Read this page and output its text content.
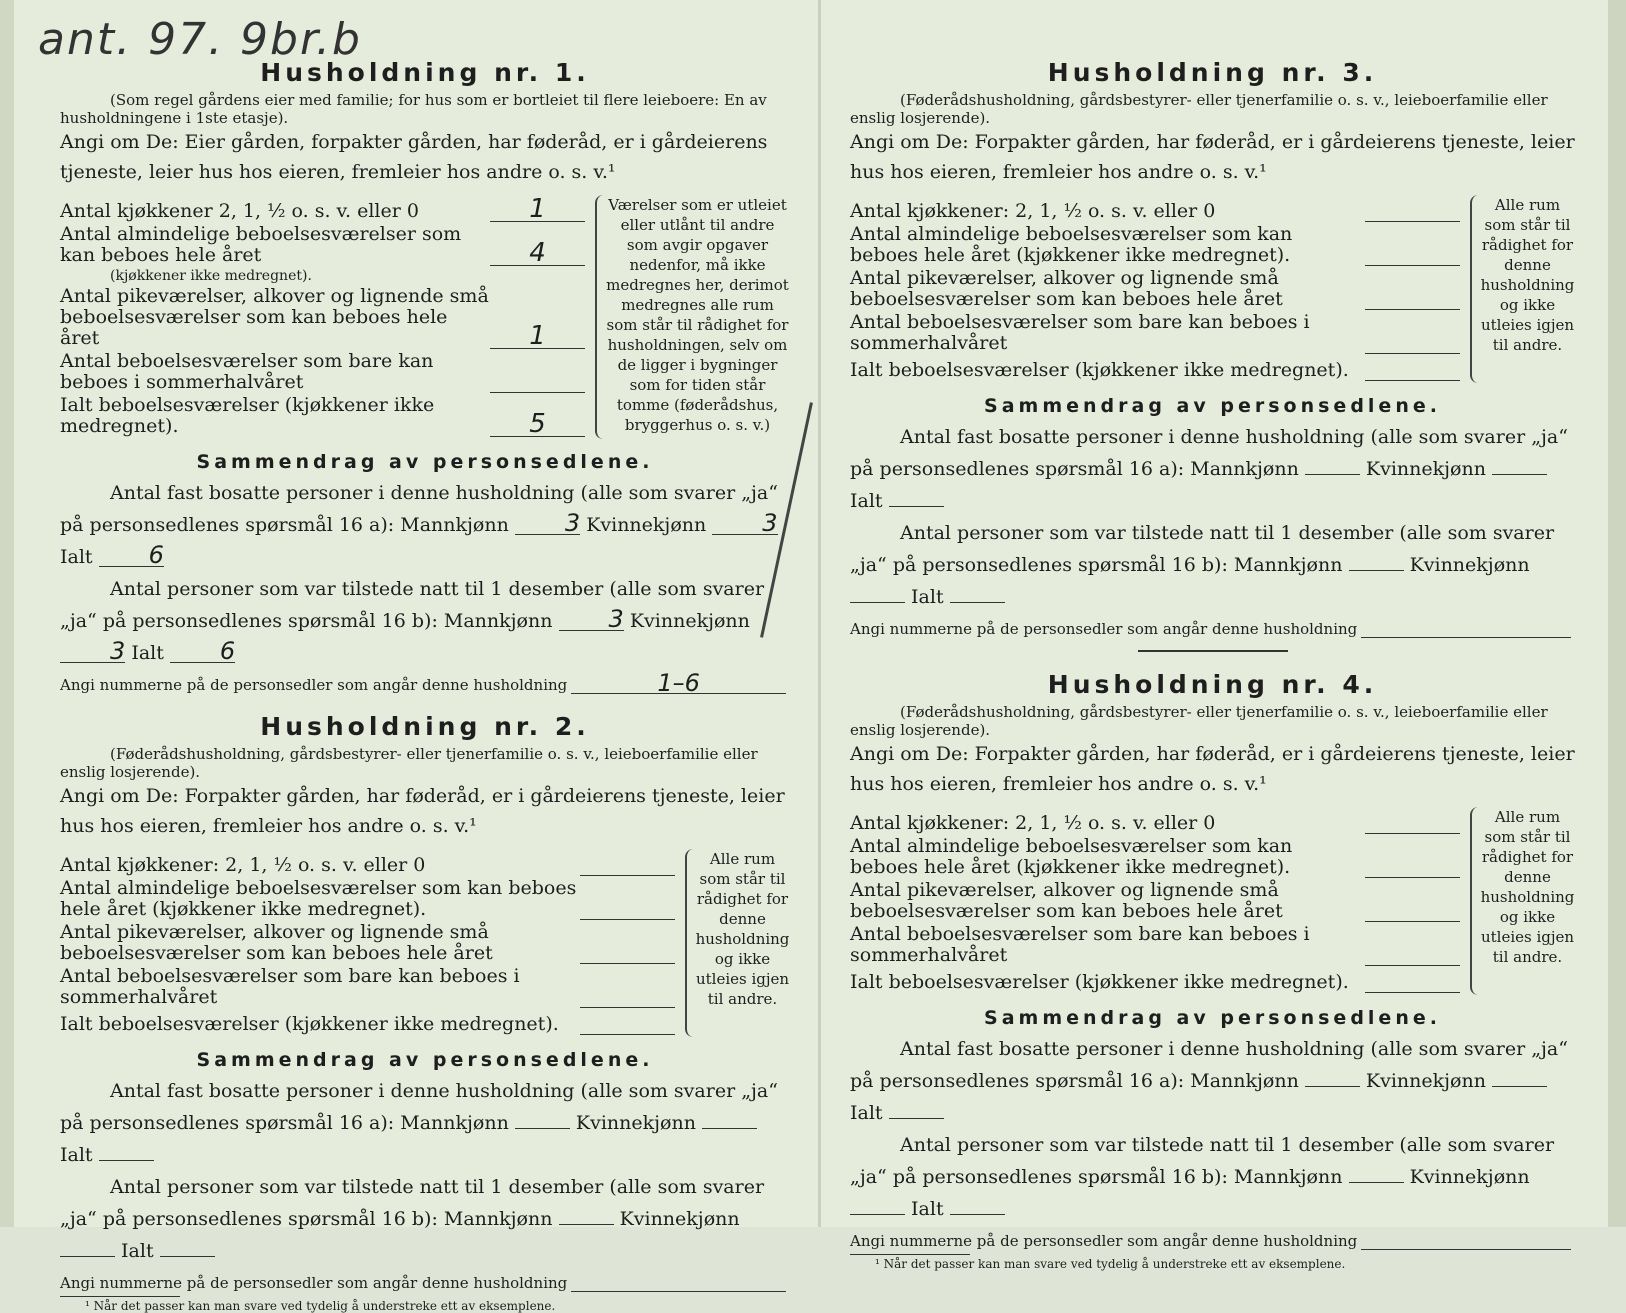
ant. 97. 9br.b
Husholdning nr. 1.
(Som regel gårdens eier med familie; for hus som er bortleiet til flere leieboere: En av husholdningene i 1ste etasje).
Angi om De: Eier gården, forpakter gården, har føderåd, er i gårdeierens tjeneste, leier hus hos eieren, fremleier hos andre o. s. v.¹
Antal kjøkkener 2, 1, ½ o. s. v. eller 0	1
Antal almindelige beboelsesværelser som kan beboes hele året	4
(kjøkkener ikke medregnet).
Antal pikeværelser, alkover og lignende små beboelsesværelser som kan beboes hele året	1
Antal beboelsesværelser som bare kan beboes i sommerhalvåret
Ialt beboelsesværelser (kjøkkener ikke medregnet).	5
Værelser som er utleiet eller utlånt til andre som avgir opgaver nedenfor, må ikke medregnes her, derimot medregnes alle rum som står til rådighet for husholdningen, selv om de ligger i bygninger som for tiden står tomme (føderådshus, bryggerhus o. s. v.)
Sammendrag av personsedlene.
Antal fast bosatte personer i denne husholdning (alle som svarer „ja“ på personsedlenes spørsmål 16 a): Mannkjønn 3 Kvinnekjønn 3 Ialt 6
Antal personer som var tilstede natt til 1 desember (alle som svarer „ja“ på personsedlenes spørsmål 16 b): Mannkjønn 3 Kvinnekjønn 3 Ialt 6
Angi nummerne på de personsedler som angår denne husholdning	1–6
Husholdning nr. 2.
(Føderådshusholdning, gårdsbestyrer- eller tjenerfamilie o. s. v., leieboerfamilie eller enslig losjerende).
Angi om De: Forpakter gården, har føderåd, er i gårdeierens tjeneste, leier hus hos eieren, fremleier hos andre o. s. v.¹
Antal kjøkkener: 2, 1, ½ o. s. v. eller 0
Antal almindelige beboelsesværelser som kan beboes hele året (kjøkkener ikke medregnet).
Antal pikeværelser, alkover og lignende små beboelsesværelser som kan beboes hele året
Antal beboelsesværelser som bare kan beboes i sommerhalvåret
Ialt beboelsesværelser (kjøkkener ikke medregnet).
Alle rum som står til rådighet for denne husholdning og ikke utleies igjen til andre.
Sammendrag av personsedlene.
Antal fast bosatte personer i denne husholdning (alle som svarer „ja“ på personsedlenes spørsmål 16 a): Mannkjønn	Kvinnekjønn  Ialt
Antal personer som var tilstede natt til 1 desember (alle som svarer „ja“ på personsedlenes spørsmål 16 b): Mannkjønn	Kvinnekjønn  Ialt
Angi nummerne på de personsedler som angår denne husholdning
¹ Når det passer kan man svare ved tydelig å understreke ett av eksemplene.
Husholdning nr. 3.
(Føderådshusholdning, gårdsbestyrer- eller tjenerfamilie o. s. v., leieboerfamilie eller enslig losjerende).
Angi om De: Forpakter gården, har føderåd, er i gårdeierens tjeneste, leier hus hos eieren, fremleier hos andre o. s. v.¹
Antal kjøkkener: 2, 1, ½ o. s. v. eller 0
Antal almindelige beboelsesværelser som kan beboes hele året (kjøkkener ikke medregnet).
Antal pikeværelser, alkover og lignende små beboelsesværelser som kan beboes hele året
Antal beboelsesværelser som bare kan beboes i sommerhalvåret
Ialt beboelsesværelser (kjøkkener ikke medregnet).
Alle rum som står til rådighet for denne husholdning og ikke utleies igjen til andre.
Sammendrag av personsedlene.
Antal fast bosatte personer i denne husholdning (alle som svarer „ja“ på personsedlenes spørsmål 16 a): Mannkjønn	Kvinnekjønn  Ialt
Antal personer som var tilstede natt til 1 desember (alle som svarer „ja“ på personsedlenes spørsmål 16 b): Mannkjønn	Kvinnekjønn  Ialt
Angi nummerne på de personsedler som angår denne husholdning
Husholdning nr. 4.
(Føderådshusholdning, gårdsbestyrer- eller tjenerfamilie o. s. v., leieboerfamilie eller enslig losjerende).
Angi om De: Forpakter gården, har føderåd, er i gårdeierens tjeneste, leier hus hos eieren, fremleier hos andre o. s. v.¹
Antal kjøkkener: 2, 1, ½ o. s. v. eller 0
Antal almindelige beboelsesværelser som kan beboes hele året (kjøkkener ikke medregnet).
Antal pikeværelser, alkover og lignende små beboelsesværelser som kan beboes hele året
Antal beboelsesværelser som bare kan beboes i sommerhalvåret
Ialt beboelsesværelser (kjøkkener ikke medregnet).
Alle rum som står til rådighet for denne husholdning og ikke utleies igjen til andre.
Sammendrag av personsedlene.
Antal fast bosatte personer i denne husholdning (alle som svarer „ja“ på personsedlenes spørsmål 16 a): Mannkjønn	Kvinnekjønn  Ialt
Antal personer som var tilstede natt til 1 desember (alle som svarer „ja“ på personsedlenes spørsmål 16 b): Mannkjønn	Kvinnekjønn  Ialt
Angi nummerne på de personsedler som angår denne husholdning
¹ Når det passer kan man svare ved tydelig å understreke ett av eksemplene.
